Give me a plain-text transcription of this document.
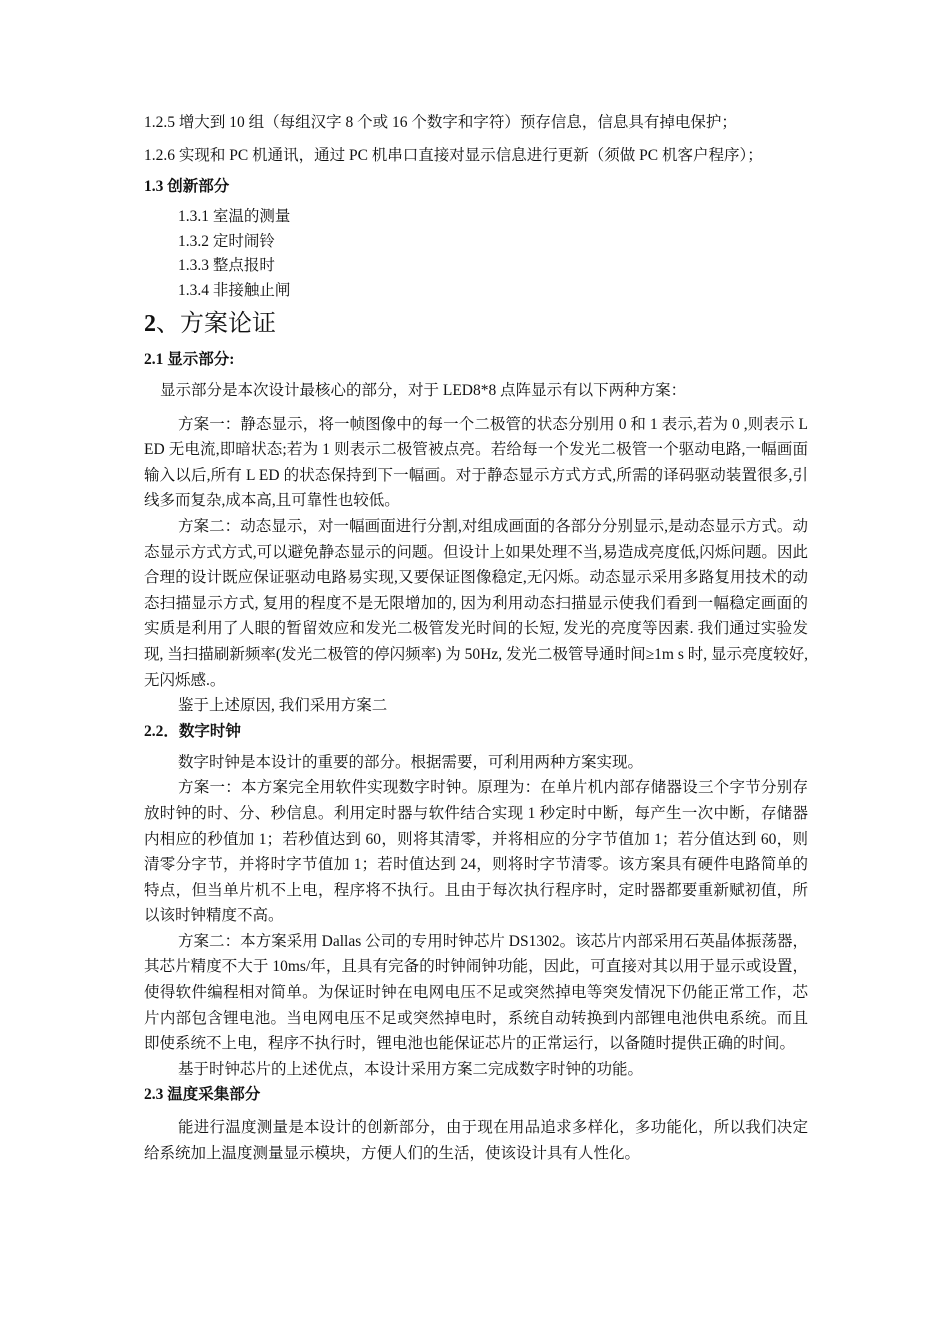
1.2.5 增大到 10 组（每组汉字 8 个或 16 个数字和字符）预存信息，信息具有掉电保护；
1.2.6 实现和 PC 机通讯，通过 PC 机串口直接对显示信息进行更新（须做 PC 机客户程序）；
1.3 创新部分
1.3.1 室温的测量
1.3.2 定时闹铃
1.3.3 整点报时
1.3.4 非接触止闸
2、方案论证
2.1 显示部分:

显示部分是本次设计最核心的部分，对于 LED8*8 点阵显示有以下两种方案：

方案一：静态显示，将一帧图像中的每一个二极管的状态分别用 0 和 1 表示,若为 0 ,则表示 L ED 无电流,即暗状态;若为 1 则表示二极管被点亮。若给每一个发光二极管一个驱动电路,一幅画面输入以后,所有 L ED 的状态保持到下一幅画。对于静态显示方式方式,所需的译码驱动装置很多,引线多而复杂,成本高,且可靠性也较低。

方案二：动态显示，对一幅画面进行分割,对组成画面的各部分分别显示,是动态显示方式。动态显示方式方式,可以避免静态显示的问题。但设计上如果处理不当,易造成亮度低,闪烁问题。因此合理的设计既应保证驱动电路易实现,又要保证图像稳定,无闪烁。动态显示采用多路复用技术的动态扫描显示方式, 复用的程度不是无限增加的, 因为利用动态扫描显示使我们看到一幅稳定画面的实质是利用了人眼的暂留效应和发光二极管发光时间的长短, 发光的亮度等因素. 我们通过实验发现, 当扫描刷新频率(发光二极管的停闪频率) 为 50Hz, 发光二极管导通时间≥1m s 时, 显示亮度较好, 无闪烁感.。

鉴于上述原因, 我们采用方案二

2.2．数字时钟

数字时钟是本设计的重要的部分。根据需要，可利用两种方案实现。

方案一：本方案完全用软件实现数字时钟。原理为：在单片机内部存储器设三个字节分别存放时钟的时、分、秒信息。利用定时器与软件结合实现 1 秒定时中断，每产生一次中断，存储器内相应的秒值加 1；若秒值达到 60，则将其清零，并将相应的分字节值加 1；若分值达到 60，则清零分字节，并将时字节值加 1；若时值达到 24，则将时字节清零。该方案具有硬件电路简单的特点，但当单片机不上电，程序将不执行。且由于每次执行程序时，定时器都要重新赋初值，所以该时钟精度不高。

方案二：本方案采用 Dallas 公司的专用时钟芯片 DS1302。该芯片内部采用石英晶体振荡器，其芯片精度不大于 10ms/年，且具有完备的时钟闹钟功能，因此，可直接对其以用于显示或设置，使得软件编程相对简单。为保证时钟在电网电压不足或突然掉电等突发情况下仍能正常工作，芯片内部包含锂电池。当电网电压不足或突然掉电时，系统自动转换到内部锂电池供电系统。而且即使系统不上电，程序不执行时，锂电池也能保证芯片的正常运行，以备随时提供正确的时间。

基于时钟芯片的上述优点，本设计采用方案二完成数字时钟的功能。

2.3 温度采集部分

能进行温度测量是本设计的创新部分，由于现在用品追求多样化，多功能化，所以我们决定给系统加上温度测量显示模块，方便人们的生活，使该设计具有人性化。
